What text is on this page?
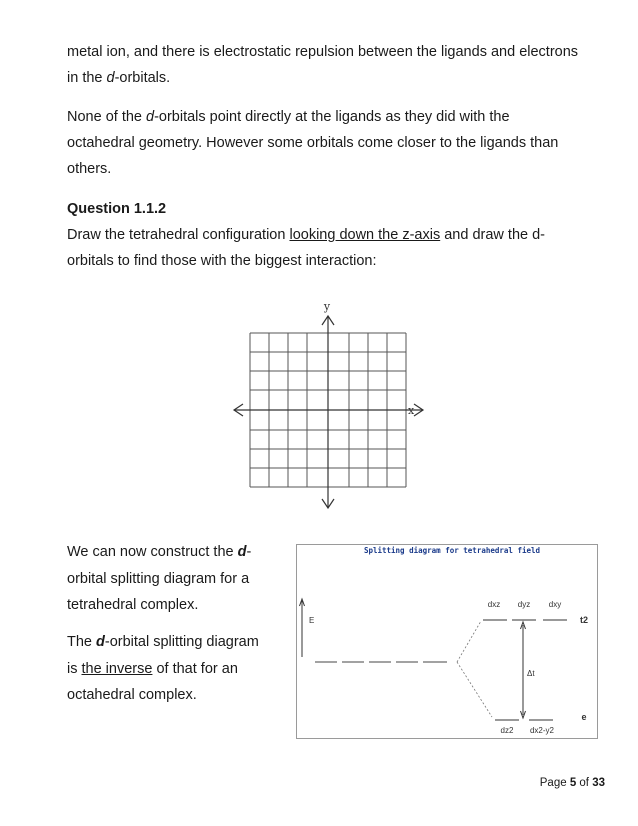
metal ion, and there is electrostatic repulsion between the ligands and electrons
in the d-orbitals.

None of the d-orbitals point directly at the ligands as they did with the
octahedral geometry. However some orbitals come closer to the ligands than
others.

Question 1.1.2

Draw the tetrahedral configuration looking down the z-axis and draw the d-
orbitals to find those with the biggest interaction:

y
x

We can now construct the d-
orbital splitting diagram for a
tetrahedral complex.

The d-orbital splitting diagram
is the inverse of that for an
octahedral complex.

Splitting diagram for tetrahedral field
E
dxz dyz dxy
t2
Δt
dz2 dx2-y2
e
Page 5 of 33
